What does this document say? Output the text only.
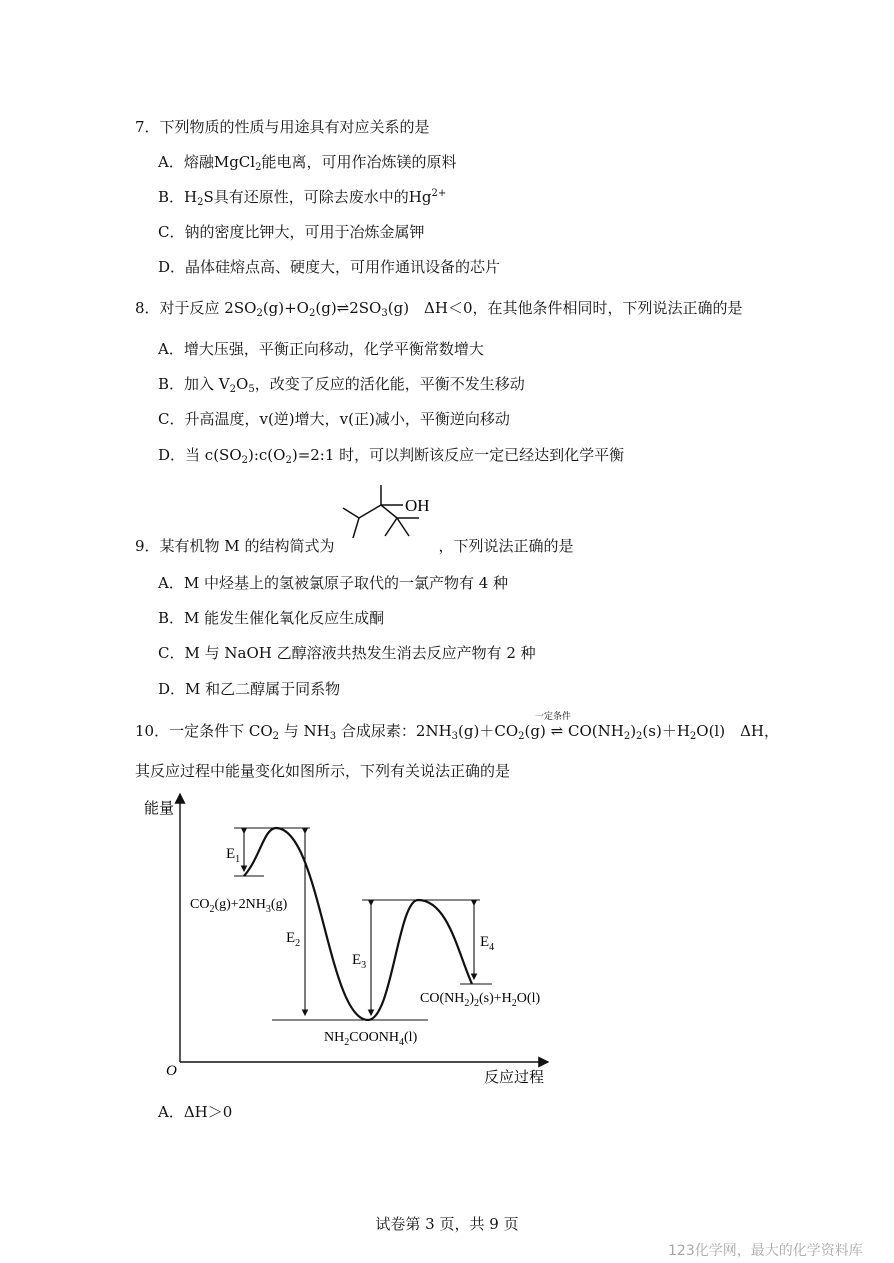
7．下列物质的性质与用途具有对应关系的是
A．熔融MgCl$_2$能电离，可用作冶炼镁的原料
B．$H_2S$具有还原性，可除去废水中的$Hg^{2+}$
C．钠的密度比钾大，可用于冶炼金属钾
D．晶体硅熔点高、硬度大，可用作通讯设备的芯片
8．对于反应 $2SO_2(g)+O_2(g)\rightleftharpoons 2SO_3(g)$　ΔH＜0，在其他条件相同时，下列说法正确的是
A．增大压强，平衡正向移动，化学平衡常数增大
B．加入 $V_2O_5$，改变了反应的活化能，平衡不发生移动
C．升高温度，v(逆)增大，v(正)减小，平衡逆向移动
D．当 $c(SO_2):c(O_2)=2:1$ 时，可以判断该反应一定已经达到化学平衡
OH
9．某有机物 M 的结构简式为	，下列说法正确的是
A．M 中烃基上的氢被氯原子取代的一氯产物有 4 种
B．M 能发生催化氧化反应生成酮
C．M 与 NaOH 乙醇溶液共热发生消去反应产物有 2 种
D．M 和乙二醇属于同系物
一定条件
10．一定条件下 $CO_2$ 与 $NH_3$ 合成尿素：$2NH_3(g)+CO_2(g)$ ⇌ $CO(NH_2)_2(s)+H_2O(l)$　ΔH，
其反应过程中能量变化如图所示，下列有关说法正确的是
能量
反应过程
O
$E_1$
$E_2$
$E_3$
$E_4$
$CO_2(g)+2NH_3(g)$
$NH_2COONH_4(l)$
$CO(NH_2)_2(s)+H_2O(l)$
A．ΔH＞0
试卷第 3 页，共 9 页
123化学网，最大的化学资料库
